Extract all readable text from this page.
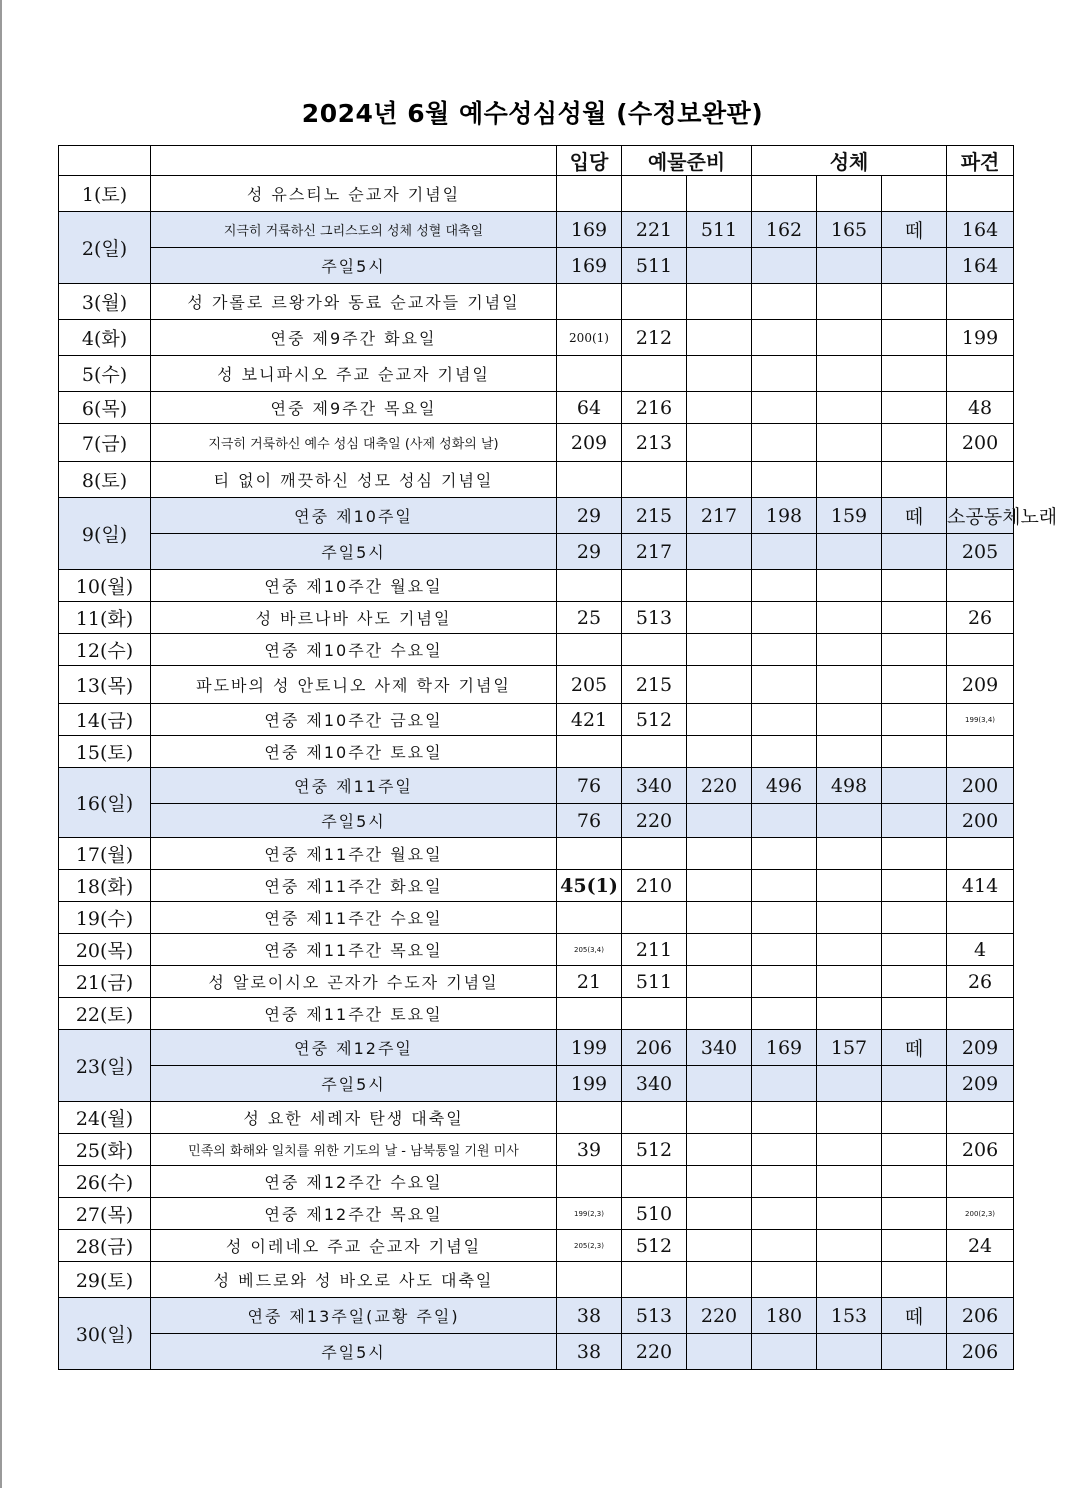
2024년 6월 예수성심성월 (수정보완판)
		입당	예물준비		성체			파견
1(토)	성 유스티노 순교자 기념일							
2(일)	지극히 거룩하신 그리스도의 성체 성혈 대축일	169	221	511	162	165	떼	164
	주일5시	169	511					164
3(월)	성 가롤로 르왕가와 동료 순교자들 기념일							
4(화)	연중 제9주간 화요일	200(1)	212					199
5(수)	성 보니파시오 주교 순교자 기념일							
6(목)	연중 제9주간 목요일	64	216					48
7(금)	지극히 거룩하신 예수 성심 대축일 (사제 성화의 날)	209	213					200
8(토)	티 없이 깨끗하신 성모 성심 기념일							
9(일)	연중 제10주일	29	215	217	198	159	떼	소공동체노래
	주일5시	29	217					205
10(월)	연중 제10주간 월요일							
11(화)	성 바르나바 사도 기념일	25	513					26
12(수)	연중 제10주간 수요일							
13(목)	파도바의 성 안토니오 사제 학자 기념일	205	215					209
14(금)	연중 제10주간 금요일	421	512					199(3,4)
15(토)	연중 제10주간 토요일							
16(일)	연중 제11주일	76	340	220	496	498		200
	주일5시	76	220					200
17(월)	연중 제11주간 월요일							
18(화)	연중 제11주간 화요일	45(1)	210					414
19(수)	연중 제11주간 수요일							
20(목)	연중 제11주간 목요일	205(3,4)	211					4
21(금)	성 알로이시오 곤자가 수도자 기념일	21	511					26
22(토)	연중 제11주간 토요일							
23(일)	연중 제12주일	199	206	340	169	157	떼	209
	주일5시	199	340					209
24(월)	성 요한 세례자 탄생 대축일							
25(화)	민족의 화해와 일치를 위한 기도의 날 - 남북통일 기원 미사	39	512					206
26(수)	연중 제12주간 수요일							
27(목)	연중 제12주간 목요일	199(2,3)	510					200(2,3)
28(금)	성 이레네오 주교 순교자 기념일	205(2,3)	512					24
29(토)	성 베드로와 성 바오로 사도 대축일							
30(일)	연중 제13주일(교황 주일)	38	513	220	180	153	떼	206
	주일5시	38	220					206
